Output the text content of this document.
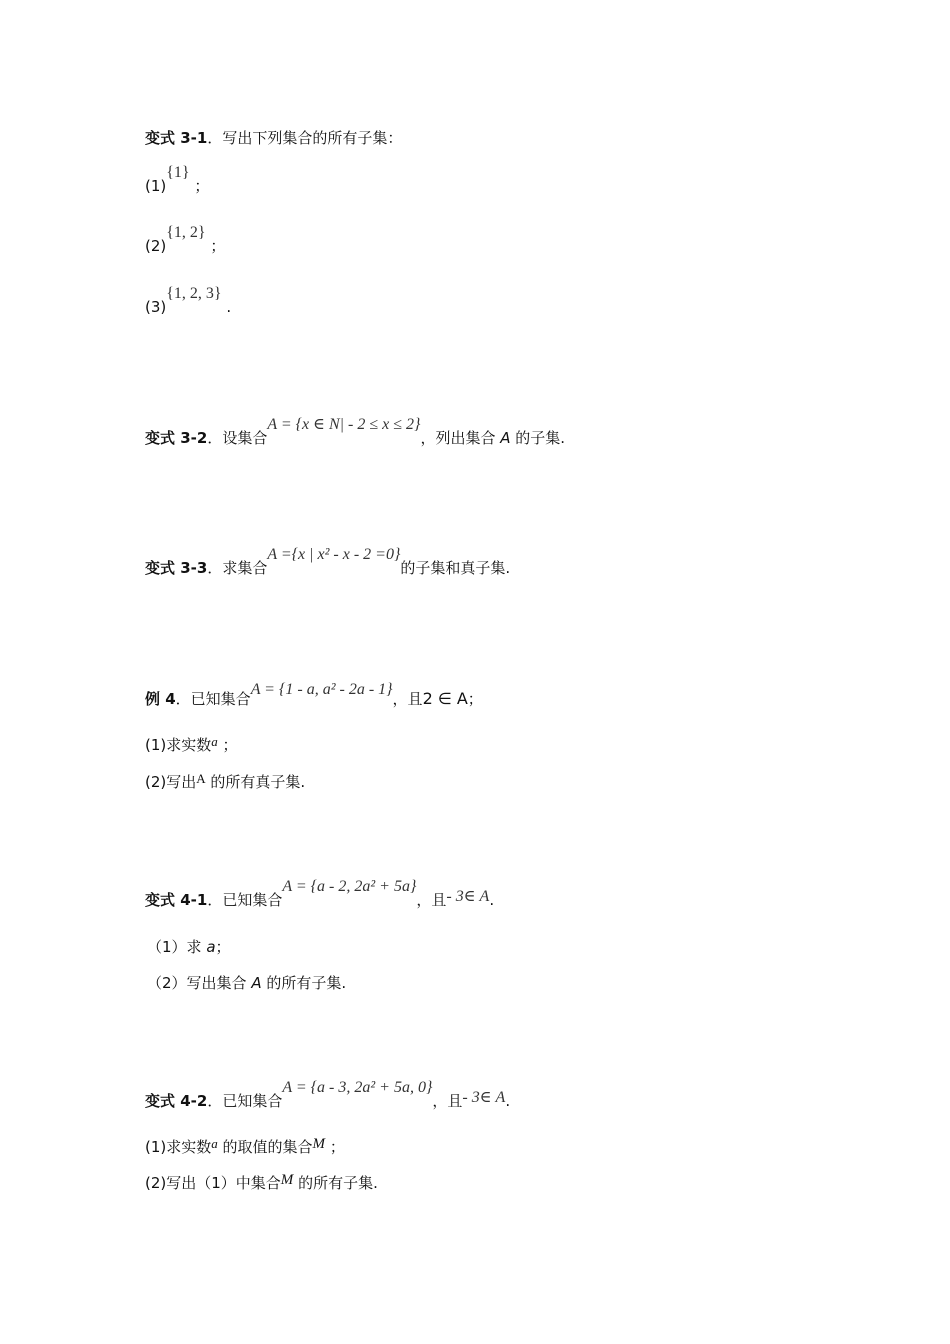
变式 3-1．写出下列集合的所有子集：
(1){1} ；
(2){1, 2} ；
(3){1, 2, 3} .
变式 3-2．设集合A = {x ∈ N| - 2 ≤ x ≤ 2}，列出集合 A 的子集.
变式 3-3．求集合A ={x | x² - x - 2 =0}的子集和真子集.
例 4．已知集合A = {1 - a, a² - 2a - 1}，且2 ∈ A；
(1)求实数a ；
(2)写出A 的所有真子集.
变式 4-1．已知集合A = {a - 2, 2a² + 5a}，且- 3∈ A.
（1）求 a；
（2）写出集合 A 的所有子集.
变式 4-2．已知集合A = {a - 3, 2a² + 5a, 0}，且- 3∈ A.
(1)求实数a 的取值的集合M ；
(2)写出（1）中集合M 的所有子集.
